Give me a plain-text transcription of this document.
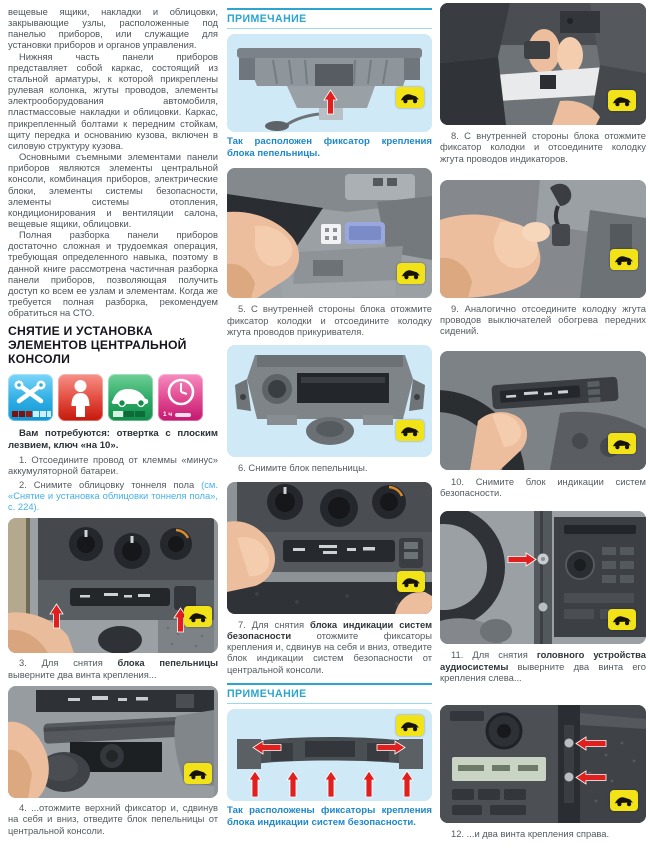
вещевые ящики, накладки и облицовки, закрывающие узлы, расположенные под панелью приборов, или служащие для установки приборов и органов управления.

Нижняя часть панели приборов представляет собой каркас, состоящий из стальной арматуры, к которой прикреплены рулевая колонка, жгуты проводов, элементы электрооборудования автомобиля, пластмассовые накладки и облицовки. Каркас, прикрепленный болтами к передним стойкам, щиту передка и основанию кузова, включен в силовую структуру кузова.

Основными съемными элементами панели приборов являются элементы центральной консоли, комбинация приборов, электрические блоки, элементы системы безопасности, элементы системы отопления, кондиционирования и вентиляции салона, вещевые ящики, облицовки.

Полная разборка панели приборов достаточно сложная и трудоемкая операция, требующая определенного навыка, поэтому в данной книге рассмотрена частичная разборка панели приборов, позволяющая получить доступ ко всем ее узлам и элементам. Когда же требуется полная разборка, рекомендуем обратиться на СТО.

СНЯТИЕ И УСТАНОВКА ЭЛЕМЕНТОВ ЦЕНТРАЛЬНОЙ КОНСОЛИ
1 ч

Вам потребуются: отвертка с плоским лезвием, ключ «на 10».

1. Отсоедините провод от клеммы «минус» аккумуляторной батареи.

2. Снимите облицовку тоннеля пола (см. «Снятие и установка облицовки тоннеля пола», с. 224).

3. Для снятия блока пепельницы выверните два винта крепления...

4. ...отожмите верхний фиксатор и, сдвинув на себя и вниз, отведите блок пепельницы от центральной консоли.

ПРИМЕЧАНИЕ

Так расположен фиксатор крепления блока пепельницы.

5. С внутренней стороны блока отожмите фиксатор колодки и отсоедините колодку жгута проводов прикуривателя.

6. Снимите блок пепельницы.

7. Для снятия блока индикации систем безопасности отожмите фиксаторы крепления и, сдвинув на себя и вниз, отведите блок индикации систем безопасности от центральной консоли.

ПРИМЕЧАНИЕ

Так расположены фиксаторы крепления блока индикации систем безопасности.

8. С внутренней стороны блока отожмите фиксатор колодки и отсоедините колодку жгута проводов индикаторов.

9. Аналогично отсоедините колодку жгута проводов выключателей обогрева передних сидений.

10. Снимите блок индикации систем безопасности.

11. Для снятия головного устройства аудиосистемы выверните два винта его крепления слева...

12. ...и два винта крепления справа.
